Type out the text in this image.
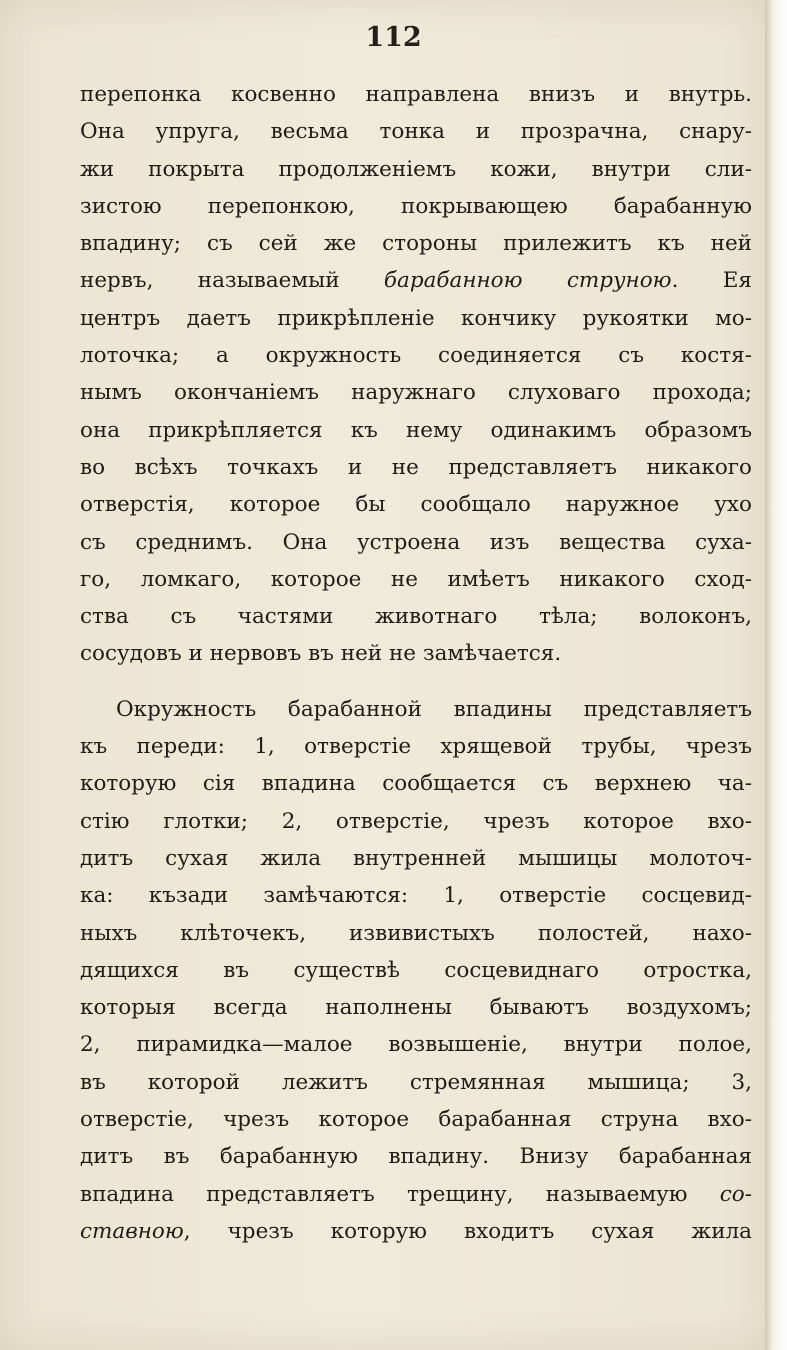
112
перепонка косвенно направлена внизъ и внутрь.
Она упруга, весьма тонка и прозрачна, снару-
жи покрыта продолженіемъ кожи, внутри сли-
зистою перепонкою, покрывающею барабанную
впадину; съ сей же стороны прилежитъ къ ней
нервъ, называемый барабанною струною. Ея
центръ даетъ прикрѣпленіе кончику рукоятки мо-
лоточка; а окружность соединяется съ костя-
нымъ окончаніемъ наружнаго слуховаго прохода;
она прикрѣпляется къ нему одинакимъ образомъ
во всѣхъ точкахъ и не представляетъ никакого
отверстія, которое бы сообщало наружное ухо
съ среднимъ. Она устроена изъ вещества суха-
го, ломкаго, которое не имѣетъ никакого сход-
ства съ частями животнаго тѣла; волоконъ,
сосудовъ и нервовъ въ ней не замѣчается.
Окружность барабанной впадины представляетъ
къ переди: 1, отверстіе хрящевой трубы, чрезъ
которую сія впадина сообщается съ верхнею ча-
стію глотки; 2, отверстіе, чрезъ которое вхо-
дитъ сухая жила внутренней мышицы молоточ-
ка: къзади замѣчаются: 1, отверстіе сосцевид-
ныхъ клѣточекъ, извивистыхъ полостей, нахо-
дящихся въ существѣ сосцевиднаго отростка,
которыя всегда наполнены бываютъ воздухомъ;
2, пирамидка—малое возвышеніе, внутри полое,
въ которой лежитъ стремянная мышица; 3,
отверстіе, чрезъ которое барабанная струна вхо-
дитъ въ барабанную впадину. Внизу барабанная
впадина представляетъ трещину, называемую со-
ставною, чрезъ которую входитъ сухая жила
